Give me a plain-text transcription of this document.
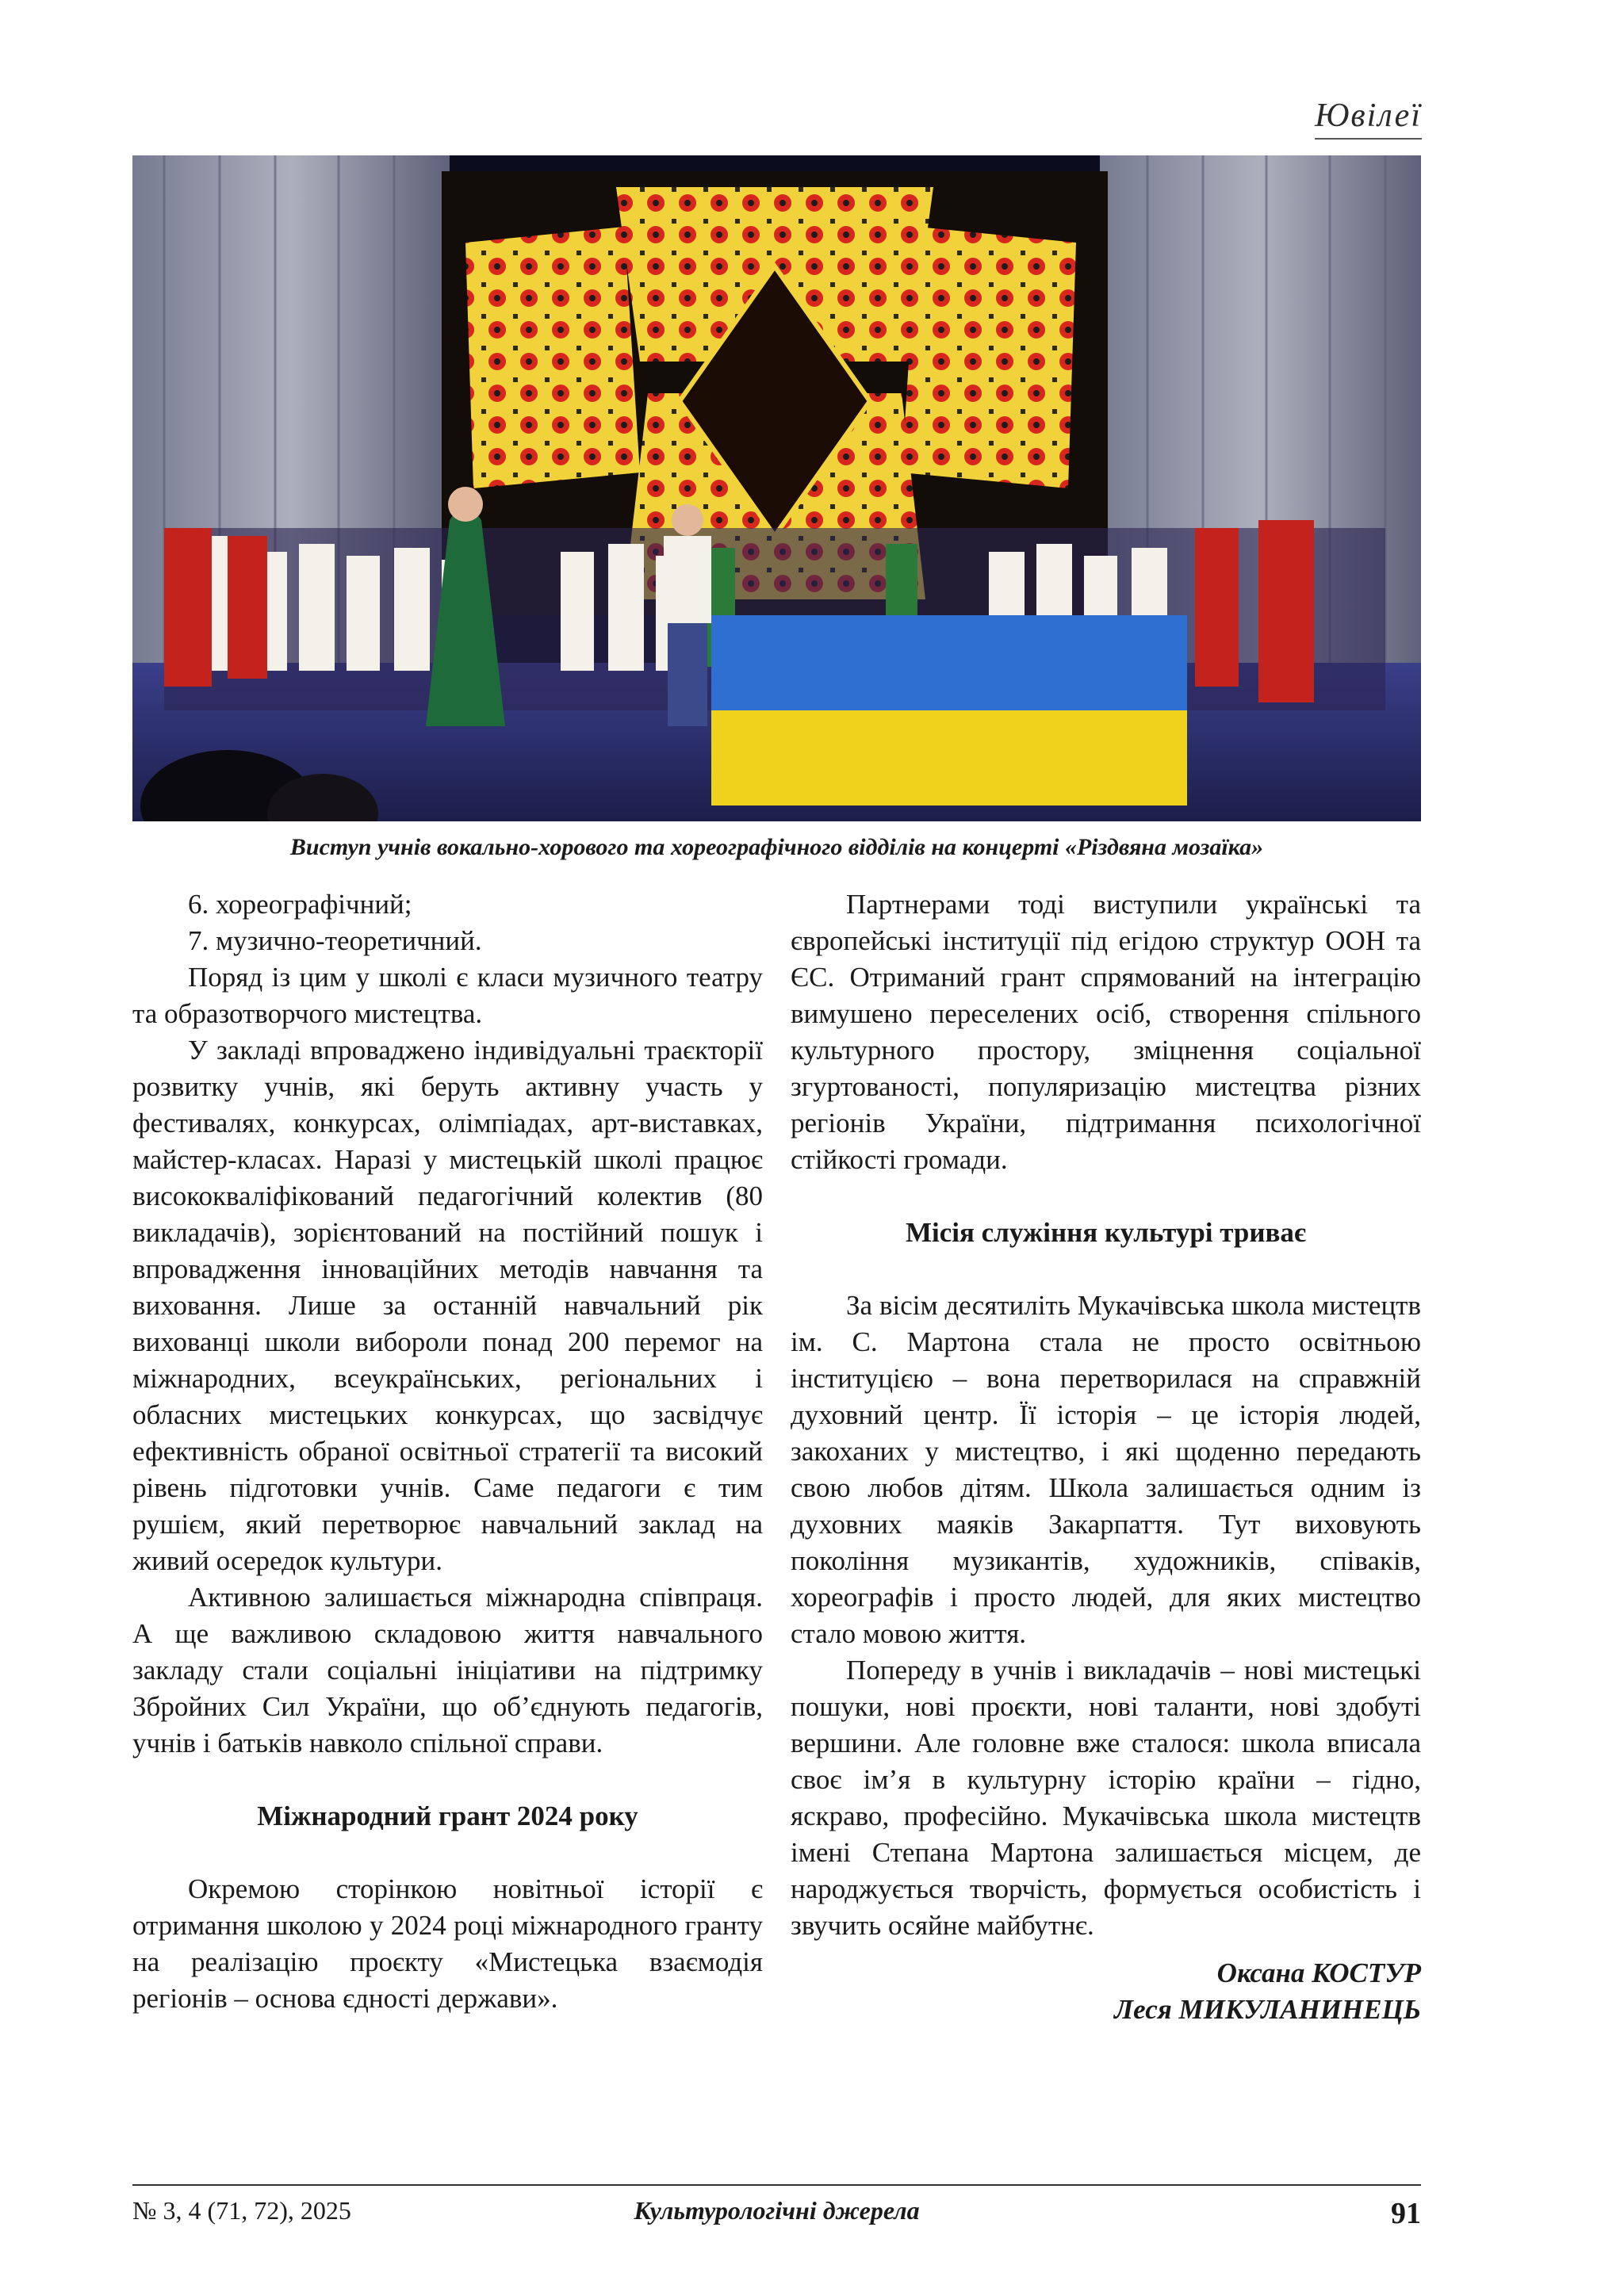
Ювілеї
Виступ учнів вокально-хорового та хореографічного відділів на концерті «Різдвяна мозаїка»

6. хореографічний;

7. музично-теоретичний.

Поряд із цим у школі є класи музичного театру та образотворчого мистецтва.

У закладі впроваджено індивідуальні траєкторії розвитку учнів, які беруть активну участь у фестивалях, конкурсах, олімпіадах, арт-виставках, майстер-класах. Наразі у мистецькій школі працює висококваліфікований педагогічний колектив (80 викладачів), зорієнтований на постійний пошук і впровадження інноваційних методів навчання та виховання. Лише за останній навчальний рік вихованці школи вибороли понад 200 перемог на міжнародних, всеукраїнських, регіональних і обласних мистецьких конкурсах, що засвідчує ефективність обраної освітньої стратегії та високий рівень підготовки учнів. Саме педагоги є тим рушієм, який перетворює навчальний заклад на живий осередок культури.

Активною залишається міжнародна співпраця. А ще важливою складовою життя навчального закладу стали соціальні ініціативи на підтримку Збройних Сил України, що об’єднують педагогів, учнів і батьків навколо спільної справи.

Міжнародний грант 2024 року

Окремою сторінкою новітньої історії є отримання школою у 2024 році міжнародного гранту на реалізацію проєкту «Мистецька взаємодія регіонів – основа єдності держави».

Партнерами тоді виступили українські та європейські інституції під егідою структур ООН та ЄС. Отриманий грант спрямований на інтеграцію вимушено переселених осіб, створення спільного культурного простору, зміцнення соціальної згуртованості, популяризацію мистецтва різних регіонів України, підтримання психологічної стійкості громади.

Місія служіння культурі триває

За вісім десятиліть Мукачівська школа мистецтв ім. С. Мартона стала не просто освітньою інституцією – вона перетворилася на справжній духовний центр. Її історія – це історія людей, закоханих у мистецтво, і які щоденно передають свою любов дітям. Школа залишається одним із духовних маяків Закарпаття. Тут виховують покоління музикантів, художників, співаків, хореографів і просто людей, для яких мистецтво стало мовою життя.

Попереду в учнів і викладачів – нові мистецькі пошуки, нові проєкти, нові таланти, нові здобуті вершини. Але головне вже сталося: школа вписала своє ім’я в культурну історію країни – гідно, яскраво, професійно. Мукачівська школа мистецтв імені Степана Мартона залишається місцем, де народжується творчість, формується особистість і звучить осяйне майбутнє.

Оксана КОСТУР
Леся МИКУЛАНИНЕЦЬ
№ 3, 4 (71, 72), 2025	Культурологічні джерела	91
